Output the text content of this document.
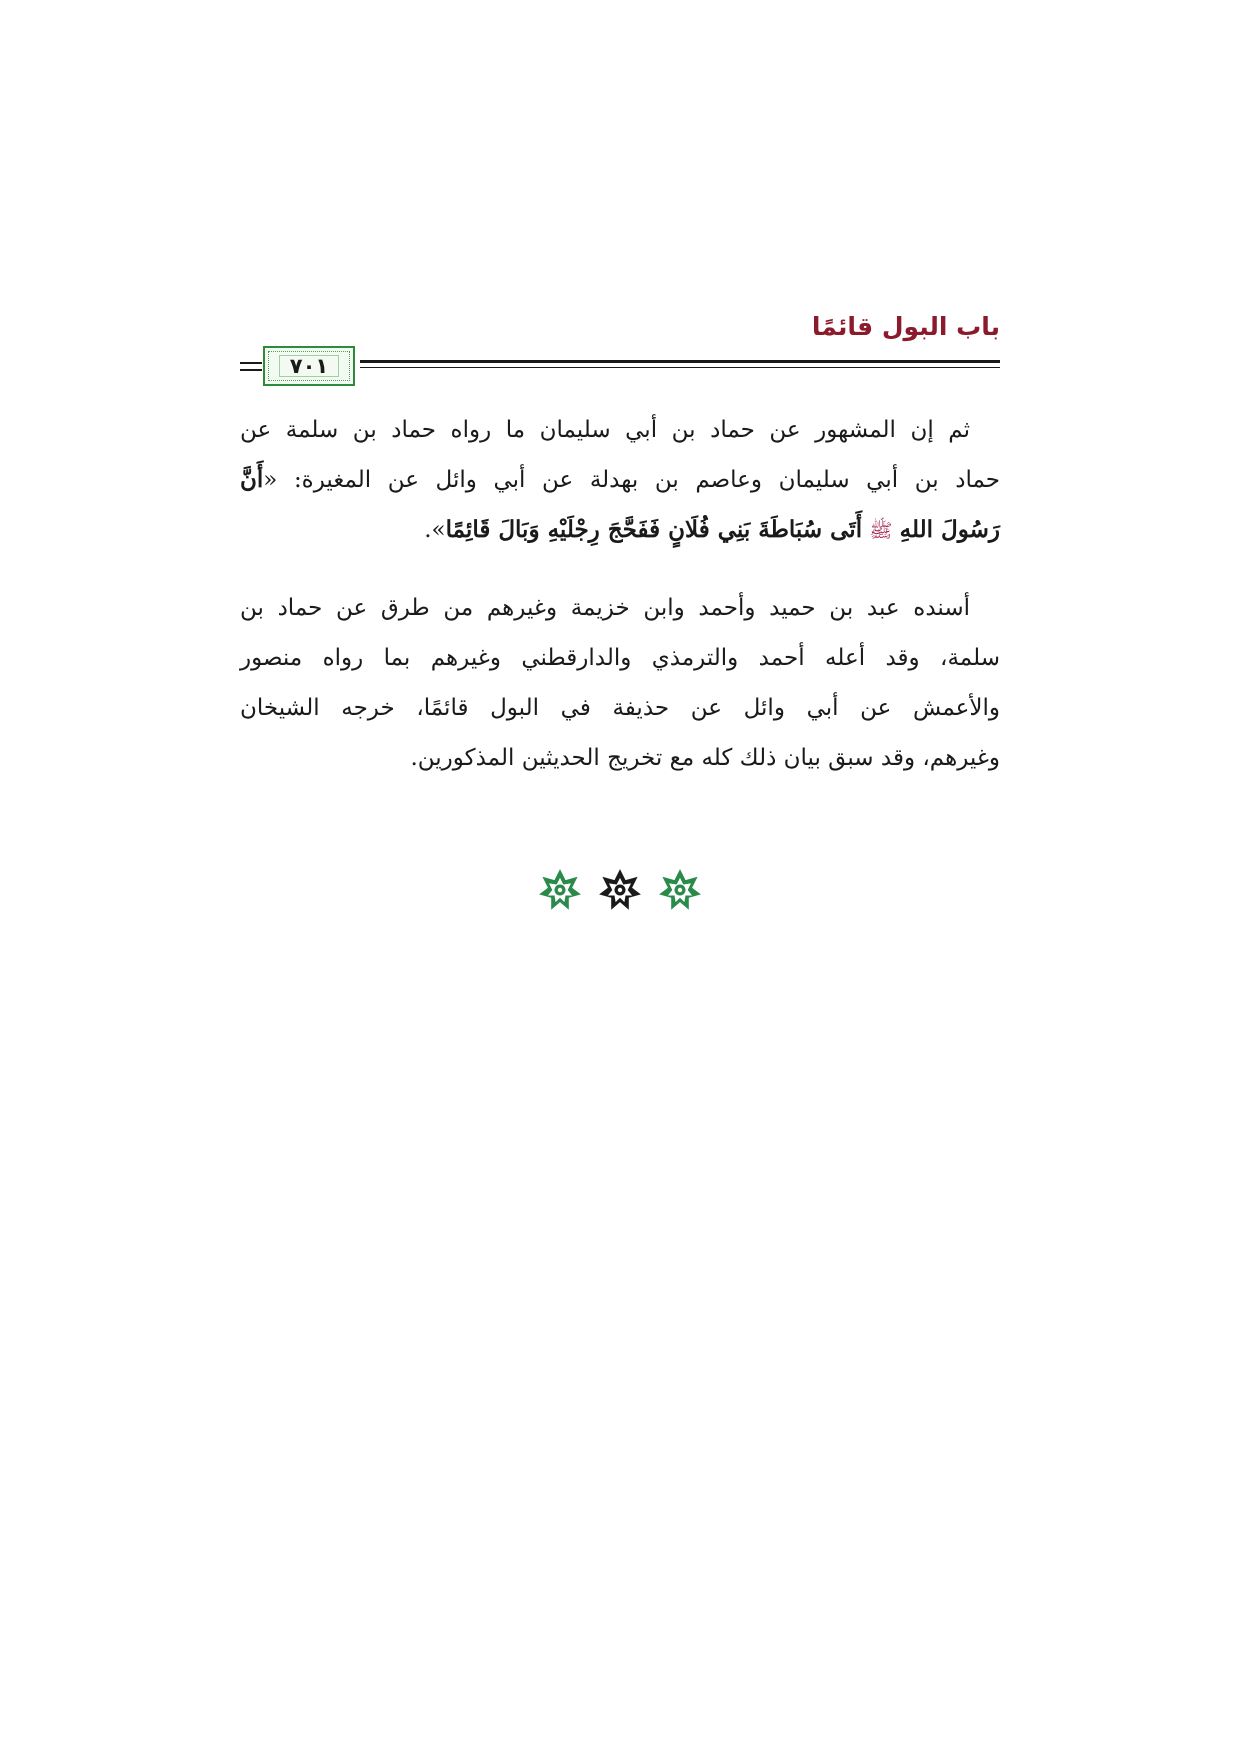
باب البول قائمًا
٧٠١
ثم إن المشهور عن حماد بن أبي سليمان ما رواه حماد بن سلمة عن
حماد بن أبي سليمان وعاصم بن بهدلة عن أبي وائل عن المغيرة: «أَنَّ
رَسُولَ اللهِ ﷺ أَتَى سُبَاطَةَ بَنِي فُلَانٍ فَفَحَّجَ رِجْلَيْهِ وَبَالَ قَائِمًا».
أسنده عبد بن حميد وأحمد وابن خزيمة وغيرهم من طرق عن حماد بن
سلمة، وقد أعله أحمد والترمذي والدارقطني وغيرهم بما رواه منصور
والأعمش عن أبي وائل عن حذيفة في البول قائمًا، خرجه الشيخان
وغيرهم، وقد سبق بيان ذلك كله مع تخريج الحديثين المذكورين.
